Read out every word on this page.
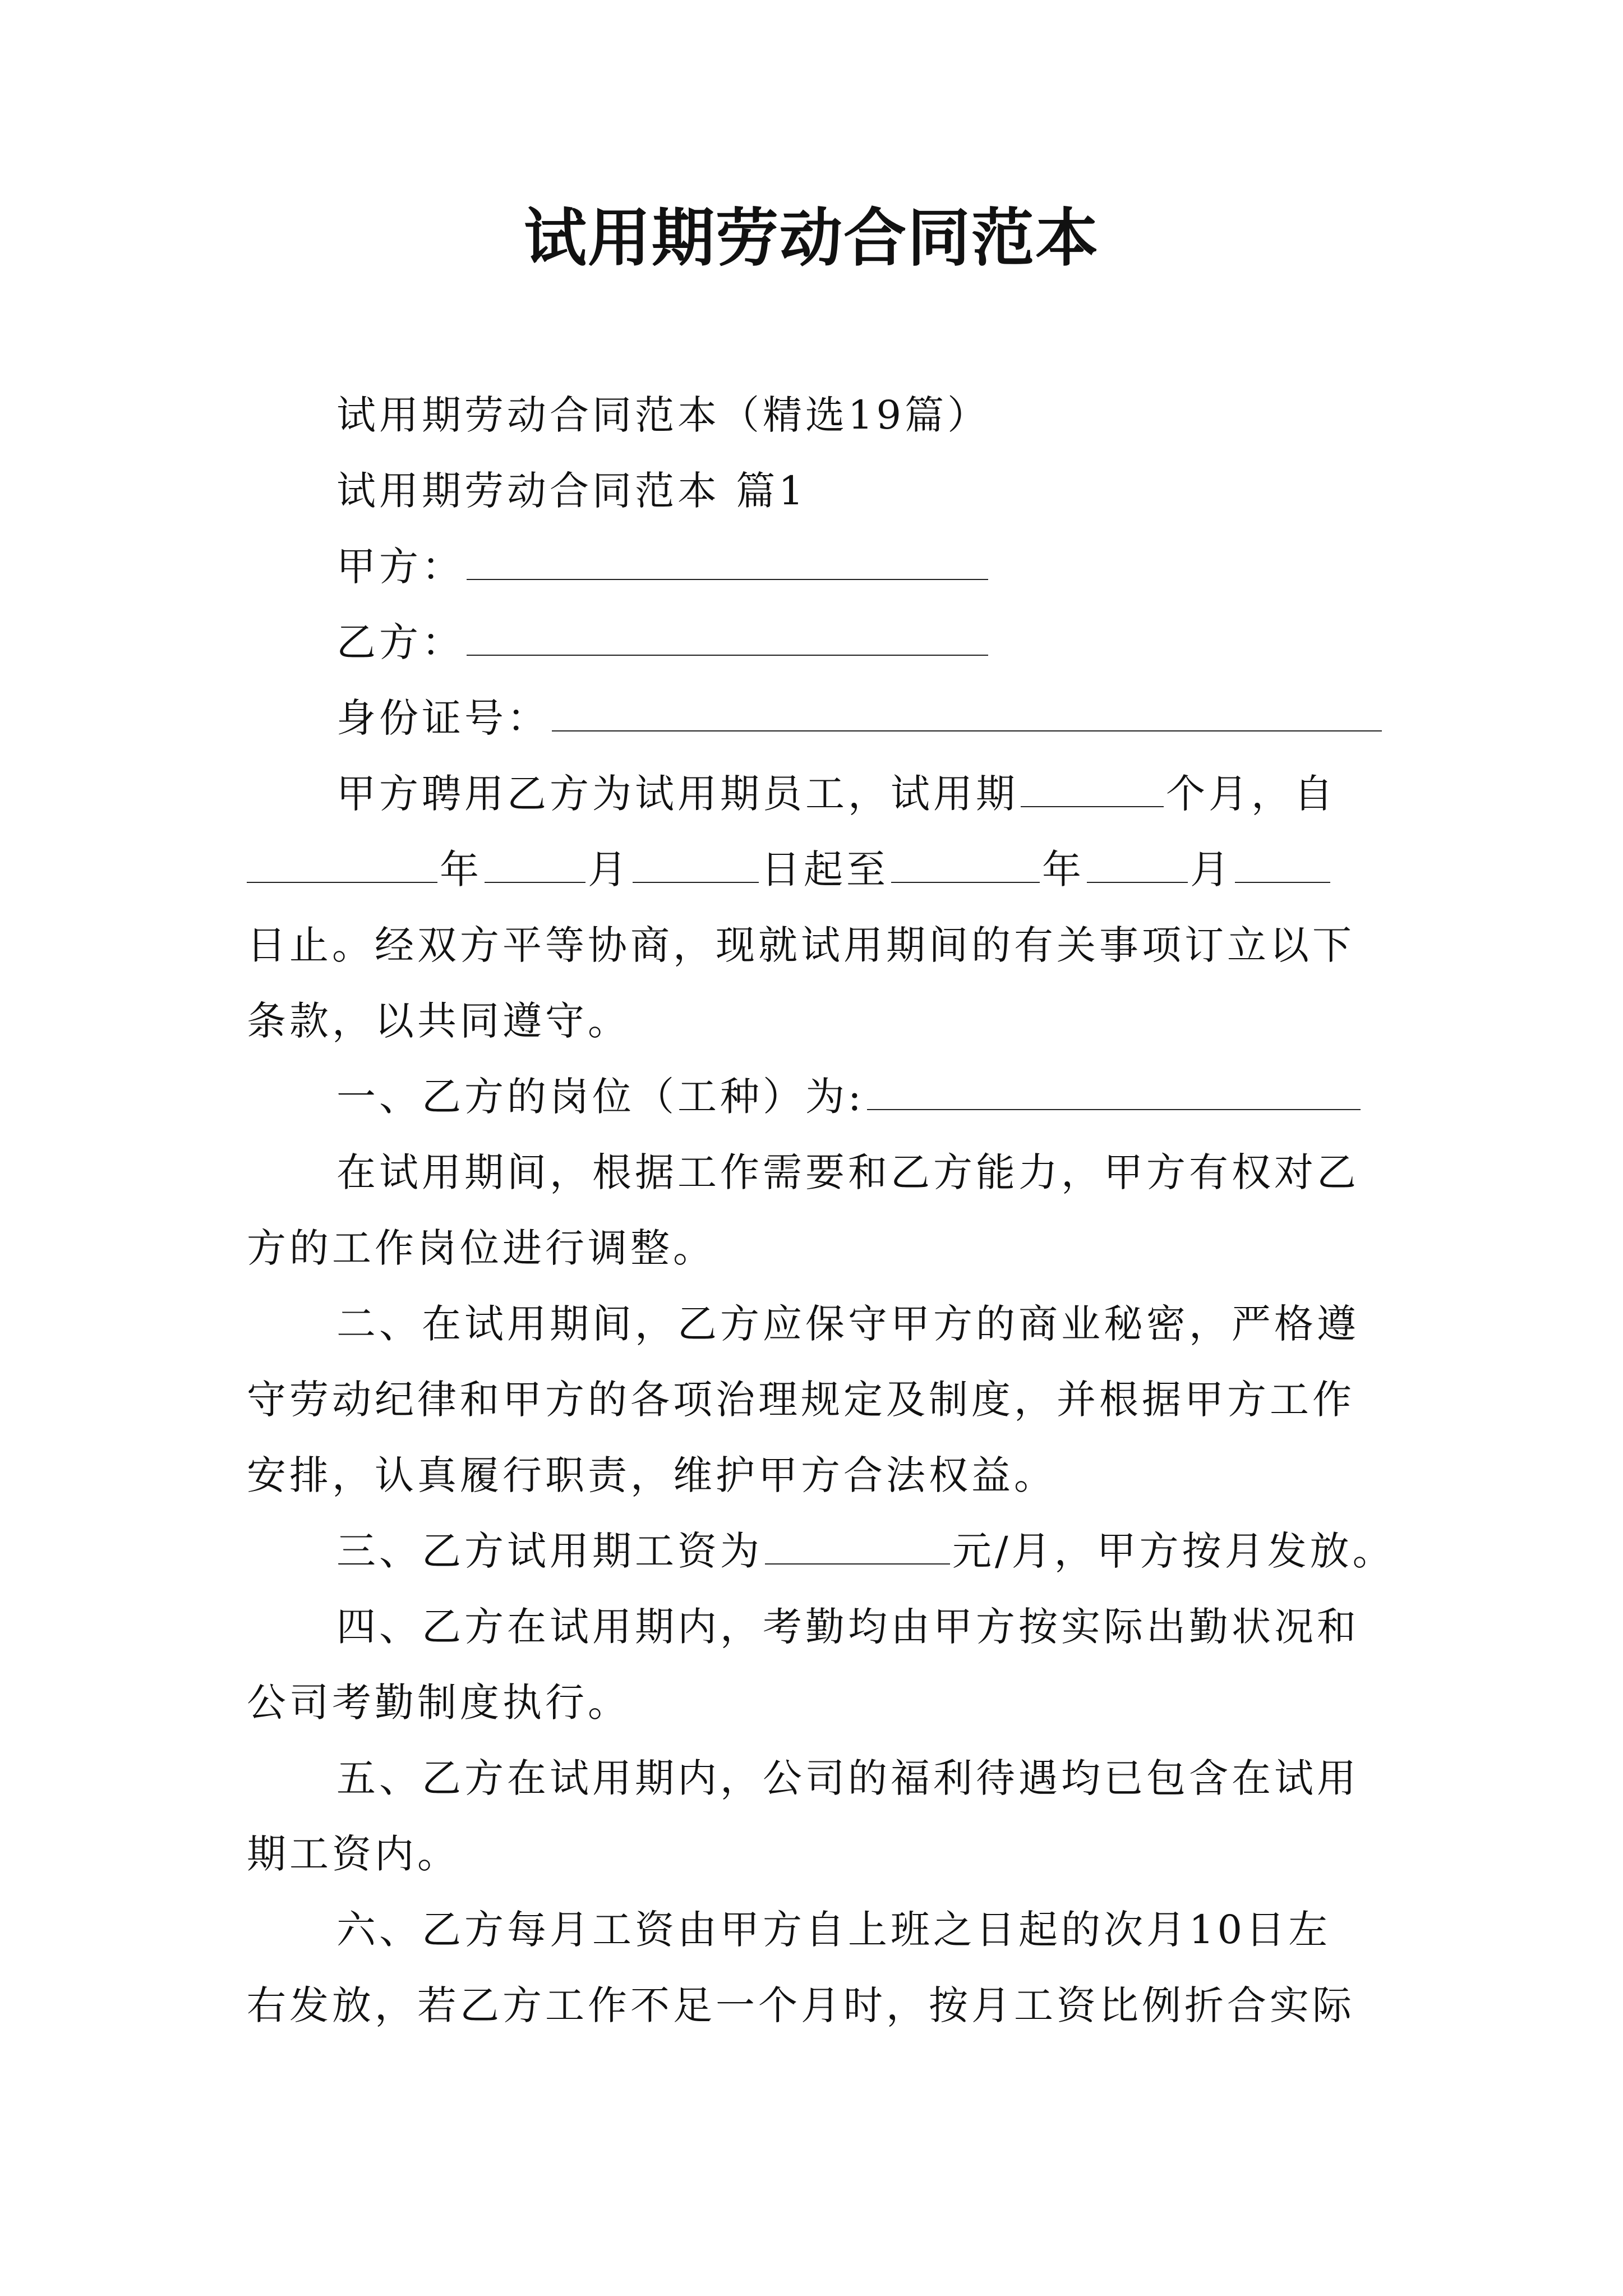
试用期劳动合同范本
试用期劳动合同范本（精选19篇）
试用期劳动合同范本 篇1
甲方：
乙方：
身份证号：
甲方聘用乙方为试用期员工，试用期	个月，自
年	月	日起至	年	月
日止。经双方平等协商，现就试用期间的有关事项订立以下
条款，以共同遵守。
一、乙方的岗位（工种）为:
在试用期间，根据工作需要和乙方能力，甲方有权对乙
方的工作岗位进行调整。
二、在试用期间，乙方应保守甲方的商业秘密，严格遵
守劳动纪律和甲方的各项治理规定及制度，并根据甲方工作
安排，认真履行职责，维护甲方合法权益。
三、乙方试用期工资为	元/月，甲方按月发放。
四、乙方在试用期内，考勤均由甲方按实际出勤状况和
公司考勤制度执行。
五、乙方在试用期内，公司的福利待遇均已包含在试用
期工资内。
六、乙方每月工资由甲方自上班之日起的次月10日左
右发放，若乙方工作不足一个月时，按月工资比例折合实际
